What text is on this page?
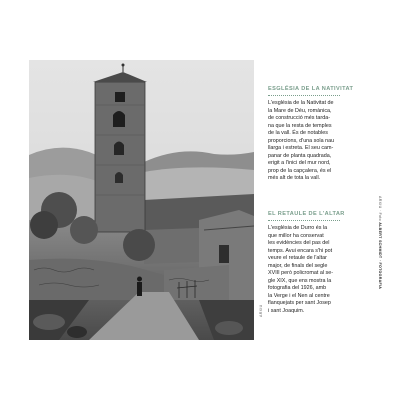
ARXIU
ARXIU · Foto ALBERT SCHMIDT · FOTOGRAFIA
ESGLÉSIA DE LA NATIVITAT
L'església de la Nativitat de
la Mare de Déu, romànica,
de construcció més tarda-
na que la resta de temples
de la vall. És de notables
proporcions, d'una sola nau
llarga i estreta. El seu cam-
panar de planta quadrada,
erigit a l'inici del mur nord,
prop de la capçalera, és el
més alt de tota la vall.
EL RETAULE DE L'ALTAR
L'església de Durro és la
que millor ha conservat
les evidències del pas del
temps. Avui encara s'hi pot
veure el retaule de l'altar
major, de finals del segle
XVIII però policromat al se-
gle XIX, que ens mostra la
fotografia del 1926, amb
la Verge i el Nen al centre
flanquejats per sant Josep
i sant Joaquim.
